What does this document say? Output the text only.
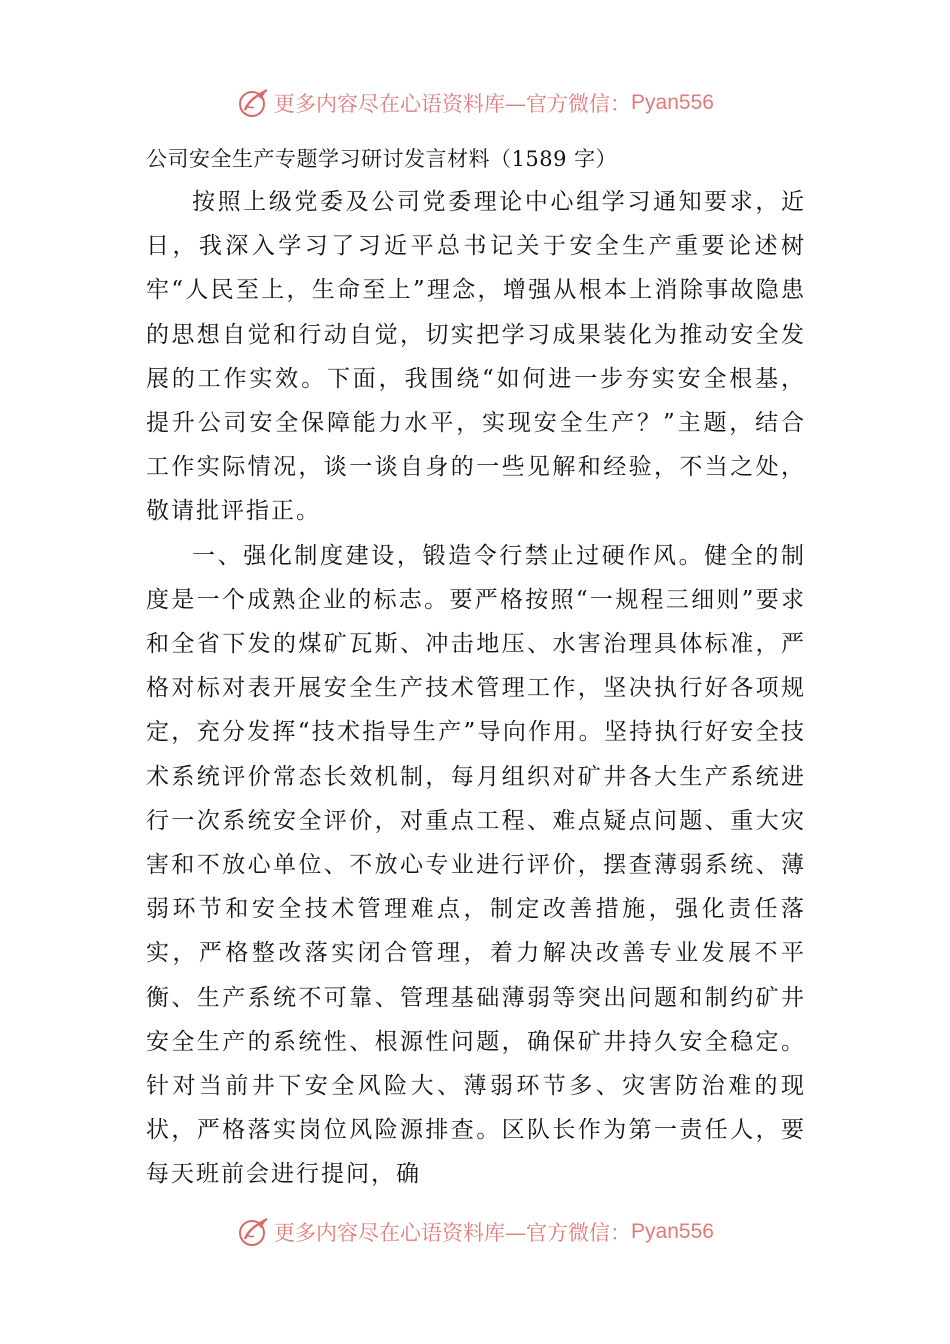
更多内容尽在心语资料库—官方微信： Pyan556
公司安全生产专题学习研讨发言材料（1589 字）

按照上级党委及公司党委理论中心组学习通知要求，近日，我深入学习了习近平总书记关于安全生产重要论述树牢“人民至上，生命至上”理念，增强从根本上消除事故隐患的思想自觉和行动自觉，切实把学习成果装化为推动安全发展的工作实效。下面，我围绕“如何进一步夯实安全根基，提升公司安全保障能力水平，实现安全生产？”主题，结合工作实际情况，谈一谈自身的一些见解和经验，不当之处，敬请批评指正。

一、强化制度建设，锻造令行禁止过硬作风。健全的制度是一个成熟企业的标志。要严格按照“一规程三细则”要求和全省下发的煤矿瓦斯、冲击地压、水害治理具体标准，严格对标对表开展安全生产技术管理工作，坚决执行好各项规定，充分发挥“技术指导生产”导向作用。坚持执行好安全技术系统评价常态长效机制，每月组织对矿井各大生产系统进行一次系统安全评价，对重点工程、难点疑点问题、重大灾害和不放心单位、不放心专业进行评价，摆查薄弱系统、薄弱环节和安全技术管理难点，制定改善措施，强化责任落实，严格整改落实闭合管理，着力解决改善专业发展不平衡、生产系统不可靠、管理基础薄弱等突出问题和制约矿井安全生产的系统性、根源性问题，确保矿井持久安全稳定。针对当前井下安全风险大、薄弱环节多、灾害防治难的现状，严格落实岗位风险源排查。区队长作为第一责任人，要每天班前会进行提问，确

更多内容尽在心语资料库—官方微信： Pyan556
